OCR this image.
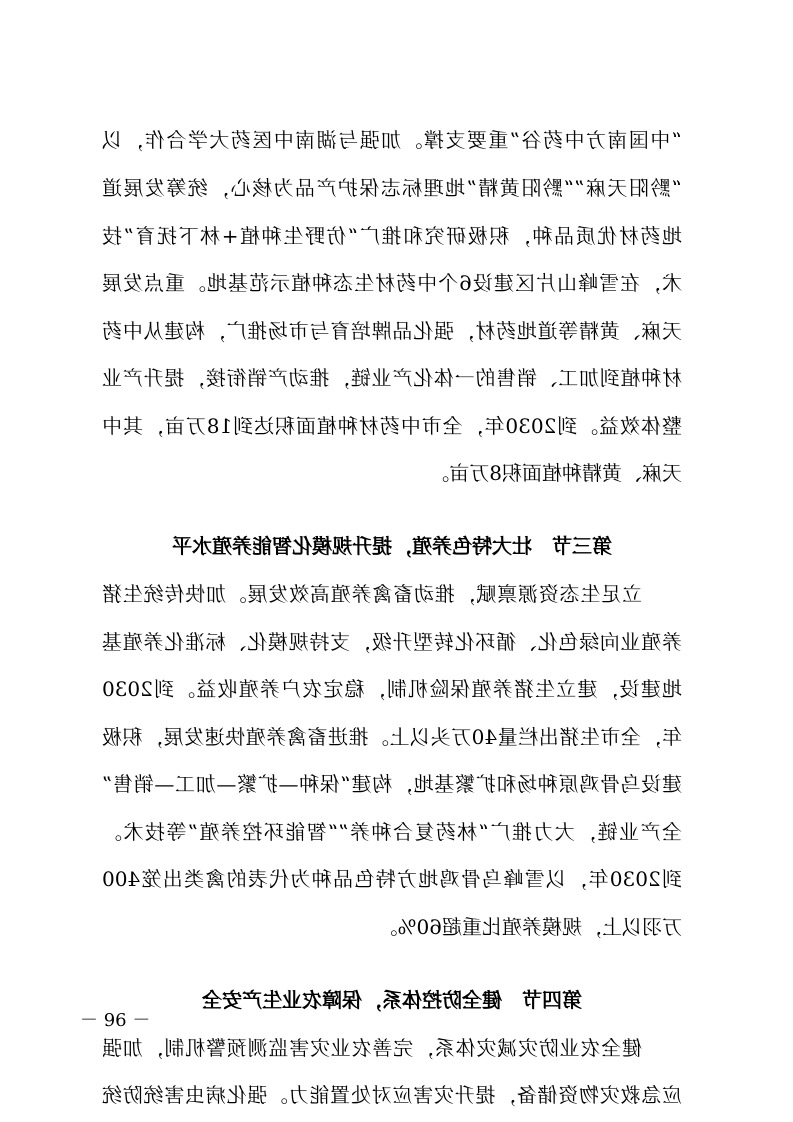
“中国南方中药谷”重要支撑。加强与湖南中医药大学合作，以
“黔阳天麻”“黔阳黄精”地理标志保护产品为核心，统筹发展道
地药材优质品种，积极研究和推广“仿野生种植+林下抚育”技
术，在雪峰山片区建设6个中药材生态种植示范基地。重点发展
天麻、黄精等道地药材，强化品牌培育与市场推广，构建从中药
材种植到加工、销售的一体化产业链，推动产销衔接，提升产业
整体效益。到2030年，全市中药材种植面积达到18万亩，其中
天麻、黄精种植面积8万亩。
第三节　壮大特色养殖，提升规模化智能养殖水平
立足生态资源禀赋，推动畜禽养殖高效发展。加快传统生猪
养殖业向绿色化、循环化转型升级，支持规模化、标准化养殖基
地建设，建立生猪养殖保险机制，稳定农户养殖收益。到2030
年，全市生猪出栏量40万头以上。推进畜禽养殖快速发展，积极
建设乌骨鸡原种场和扩繁基地，构建“保种—扩繁—加工—销售”
全产业链，大力推广“林药复合种养”“智能环控养殖”等技术。
到2030年，以雪峰乌骨鸡地方特色品种为代表的禽类出笼400
万羽以上，规模养殖比重超60%。
第四节　健全防控体系，保障农业生产安全
健全农业防灾减灾体系，完善农业灾害监测预警机制，加强
应急救灾物资储备，提升灾害应对处置能力。强化病虫害统防统
－ 96 －
